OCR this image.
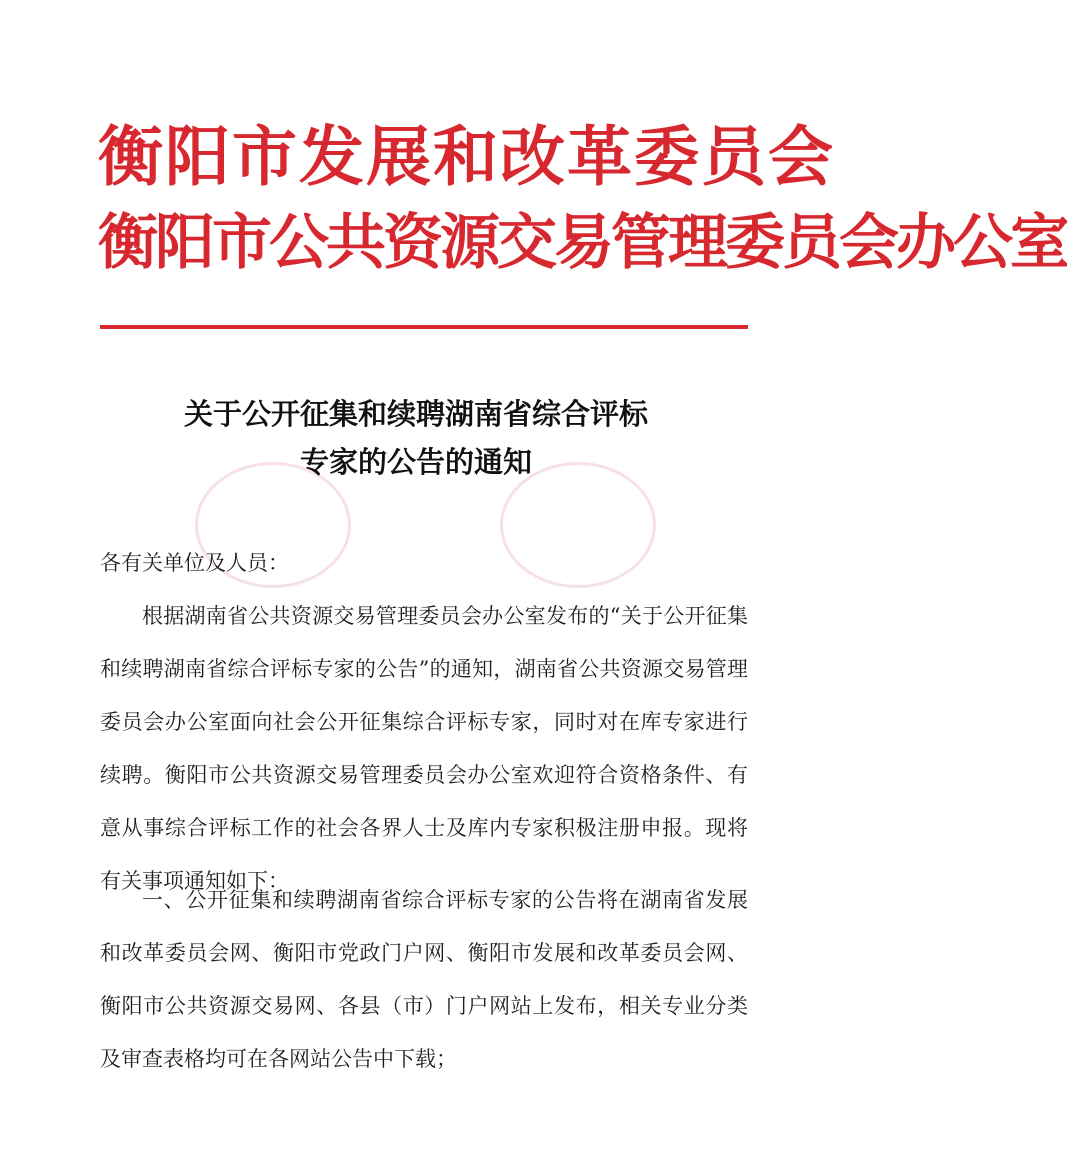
衡阳市发展和改革委员会
衡阳市公共资源交易管理委员会办公室
关于公开征集和续聘湖南省综合评标
专家的公告的通知
各有关单位及人员：

根据湖南省公共资源交易管理委员会办公室发布的“关于公开征集和续聘湖南省综合评标专家的公告”的通知，湖南省公共资源交易管理委员会办公室面向社会公开征集综合评标专家，同时对在库专家进行续聘。衡阳市公共资源交易管理委员会办公室欢迎符合资格条件、有意从事综合评标工作的社会各界人士及库内专家积极注册申报。现将有关事项通知如下：

一、公开征集和续聘湖南省综合评标专家的公告将在湖南省发展和改革委员会网、衡阳市党政门户网、衡阳市发展和改革委员会网、衡阳市公共资源交易网、各县（市）门户网站上发布，相关专业分类及审查表格均可在各网站公告中下载；
